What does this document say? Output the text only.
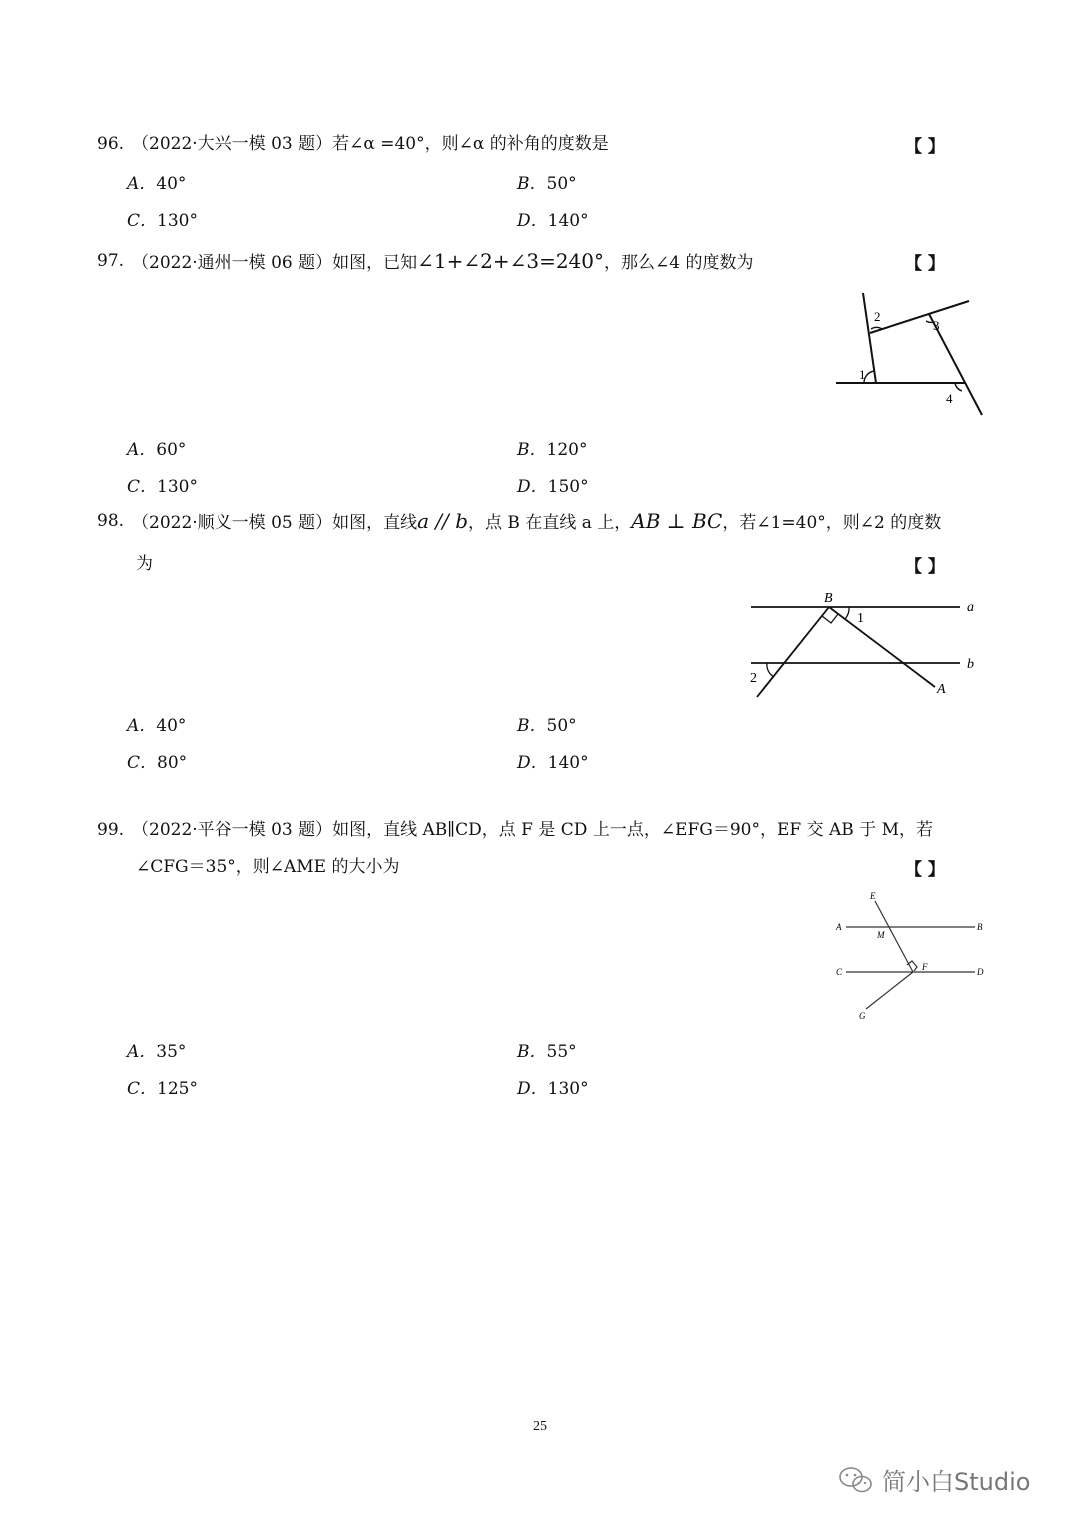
96. （2022·大兴一模 03 题）若∠α =40°，则∠α 的补角的度数是	【 】
A．40°	B．50°
C．130°	D．140°
97. （2022·通州一模 06 题）如图，已知∠1+∠2+∠3=240°，那么∠4 的度数为	【 】
1
2
3
4
A．60°	B．120°
C．130°	D．150°
98. （2022·顺义一模 05 题）如图，直线a // b，点 B 在直线 a 上，AB ⊥ BC，若∠1=40°，则∠2 的度数
为	【 】
B
1
a
b
2
A
A．40°	B．50°
C．80°	D．140°
99. （2022·平谷一模 03 题）如图，直线 AB∥CD，点 F 是 CD 上一点，∠EFG＝90°，EF 交 AB 于 M，若
∠CFG＝35°，则∠AME 的大小为	【 】
E
A
M
B
C	F	D
G
A．35°	B．55°
C．125°	D．130°
25
简小白Studio
